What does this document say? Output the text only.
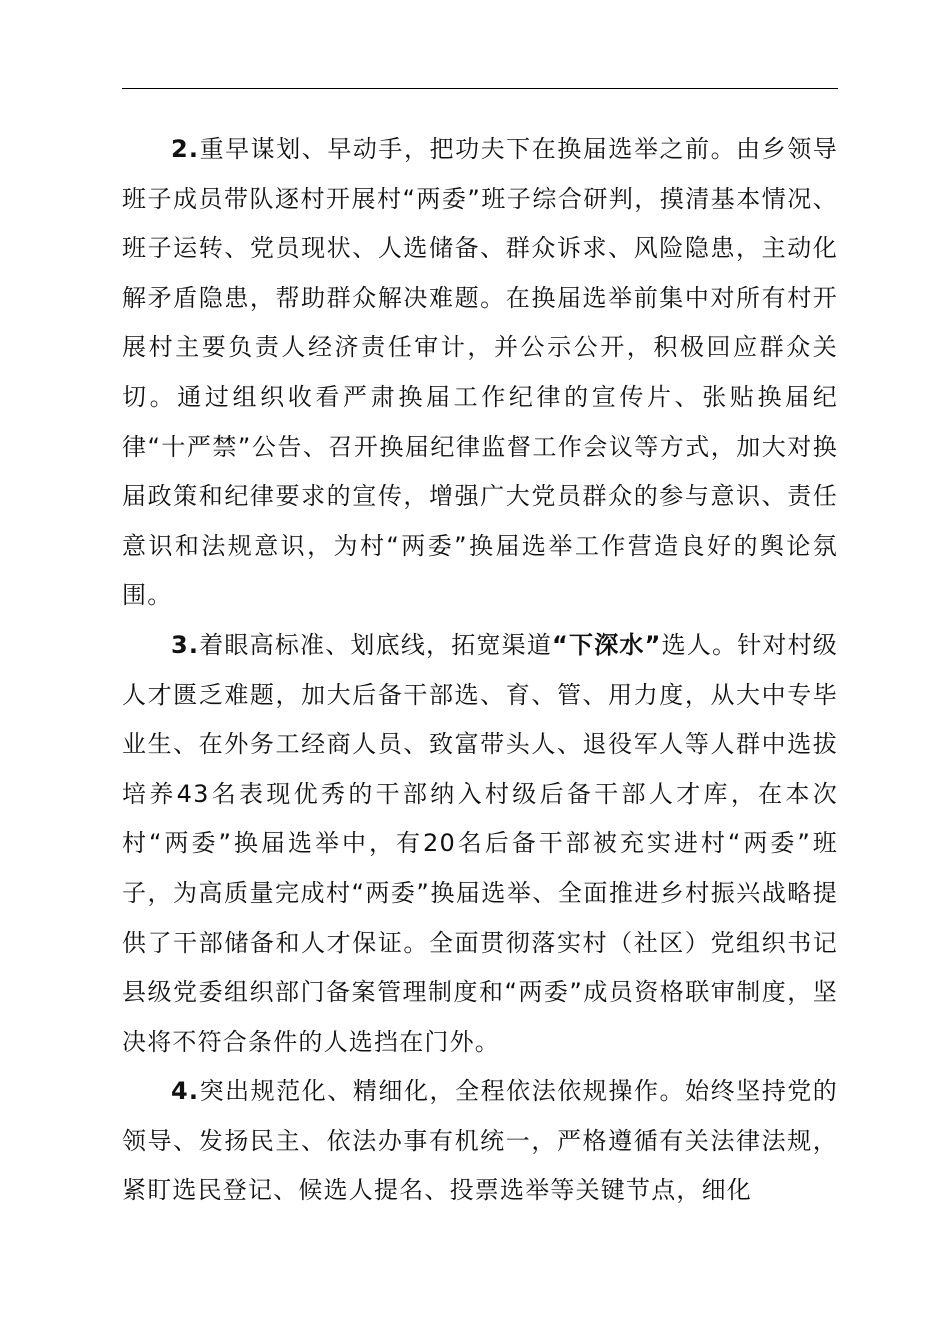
2.重早谋划、早动手，把功夫下在换届选举之前。由乡领导班子成员带队逐村开展村“两委”班子综合研判，摸清基本情况、班子运转、党员现状、人选储备、群众诉求、风险隐患，主动化解矛盾隐患，帮助群众解决难题。在换届选举前集中对所有村开展村主要负责人经济责任审计，并公示公开，积极回应群众关切。通过组织收看严肃换届工作纪律的宣传片、张贴换届纪律“十严禁”公告、召开换届纪律监督工作会议等方式，加大对换届政策和纪律要求的宣传，增强广大党员群众的参与意识、责任意识和法规意识，为村“两委”换届选举工作营造良好的舆论氛围。

3.着眼高标准、划底线，拓宽渠道“下深水”选人。针对村级人才匮乏难题，加大后备干部选、育、管、用力度，从大中专毕业生、在外务工经商人员、致富带头人、退役军人等人群中选拔培养43名表现优秀的干部纳入村级后备干部人才库，在本次村“两委”换届选举中，有20名后备干部被充实进村“两委”班子，为高质量完成村“两委”换届选举、全面推进乡村振兴战略提供了干部储备和人才保证。全面贯彻落实村（社区）党组织书记县级党委组织部门备案管理制度和“两委”成员资格联审制度，坚决将不符合条件的人选挡在门外。

4.突出规范化、精细化，全程依法依规操作。始终坚持党的领导、发扬民主、依法办事有机统一，严格遵循有关法律法规，紧盯选民登记、候选人提名、投票选举等关键节点，细化
